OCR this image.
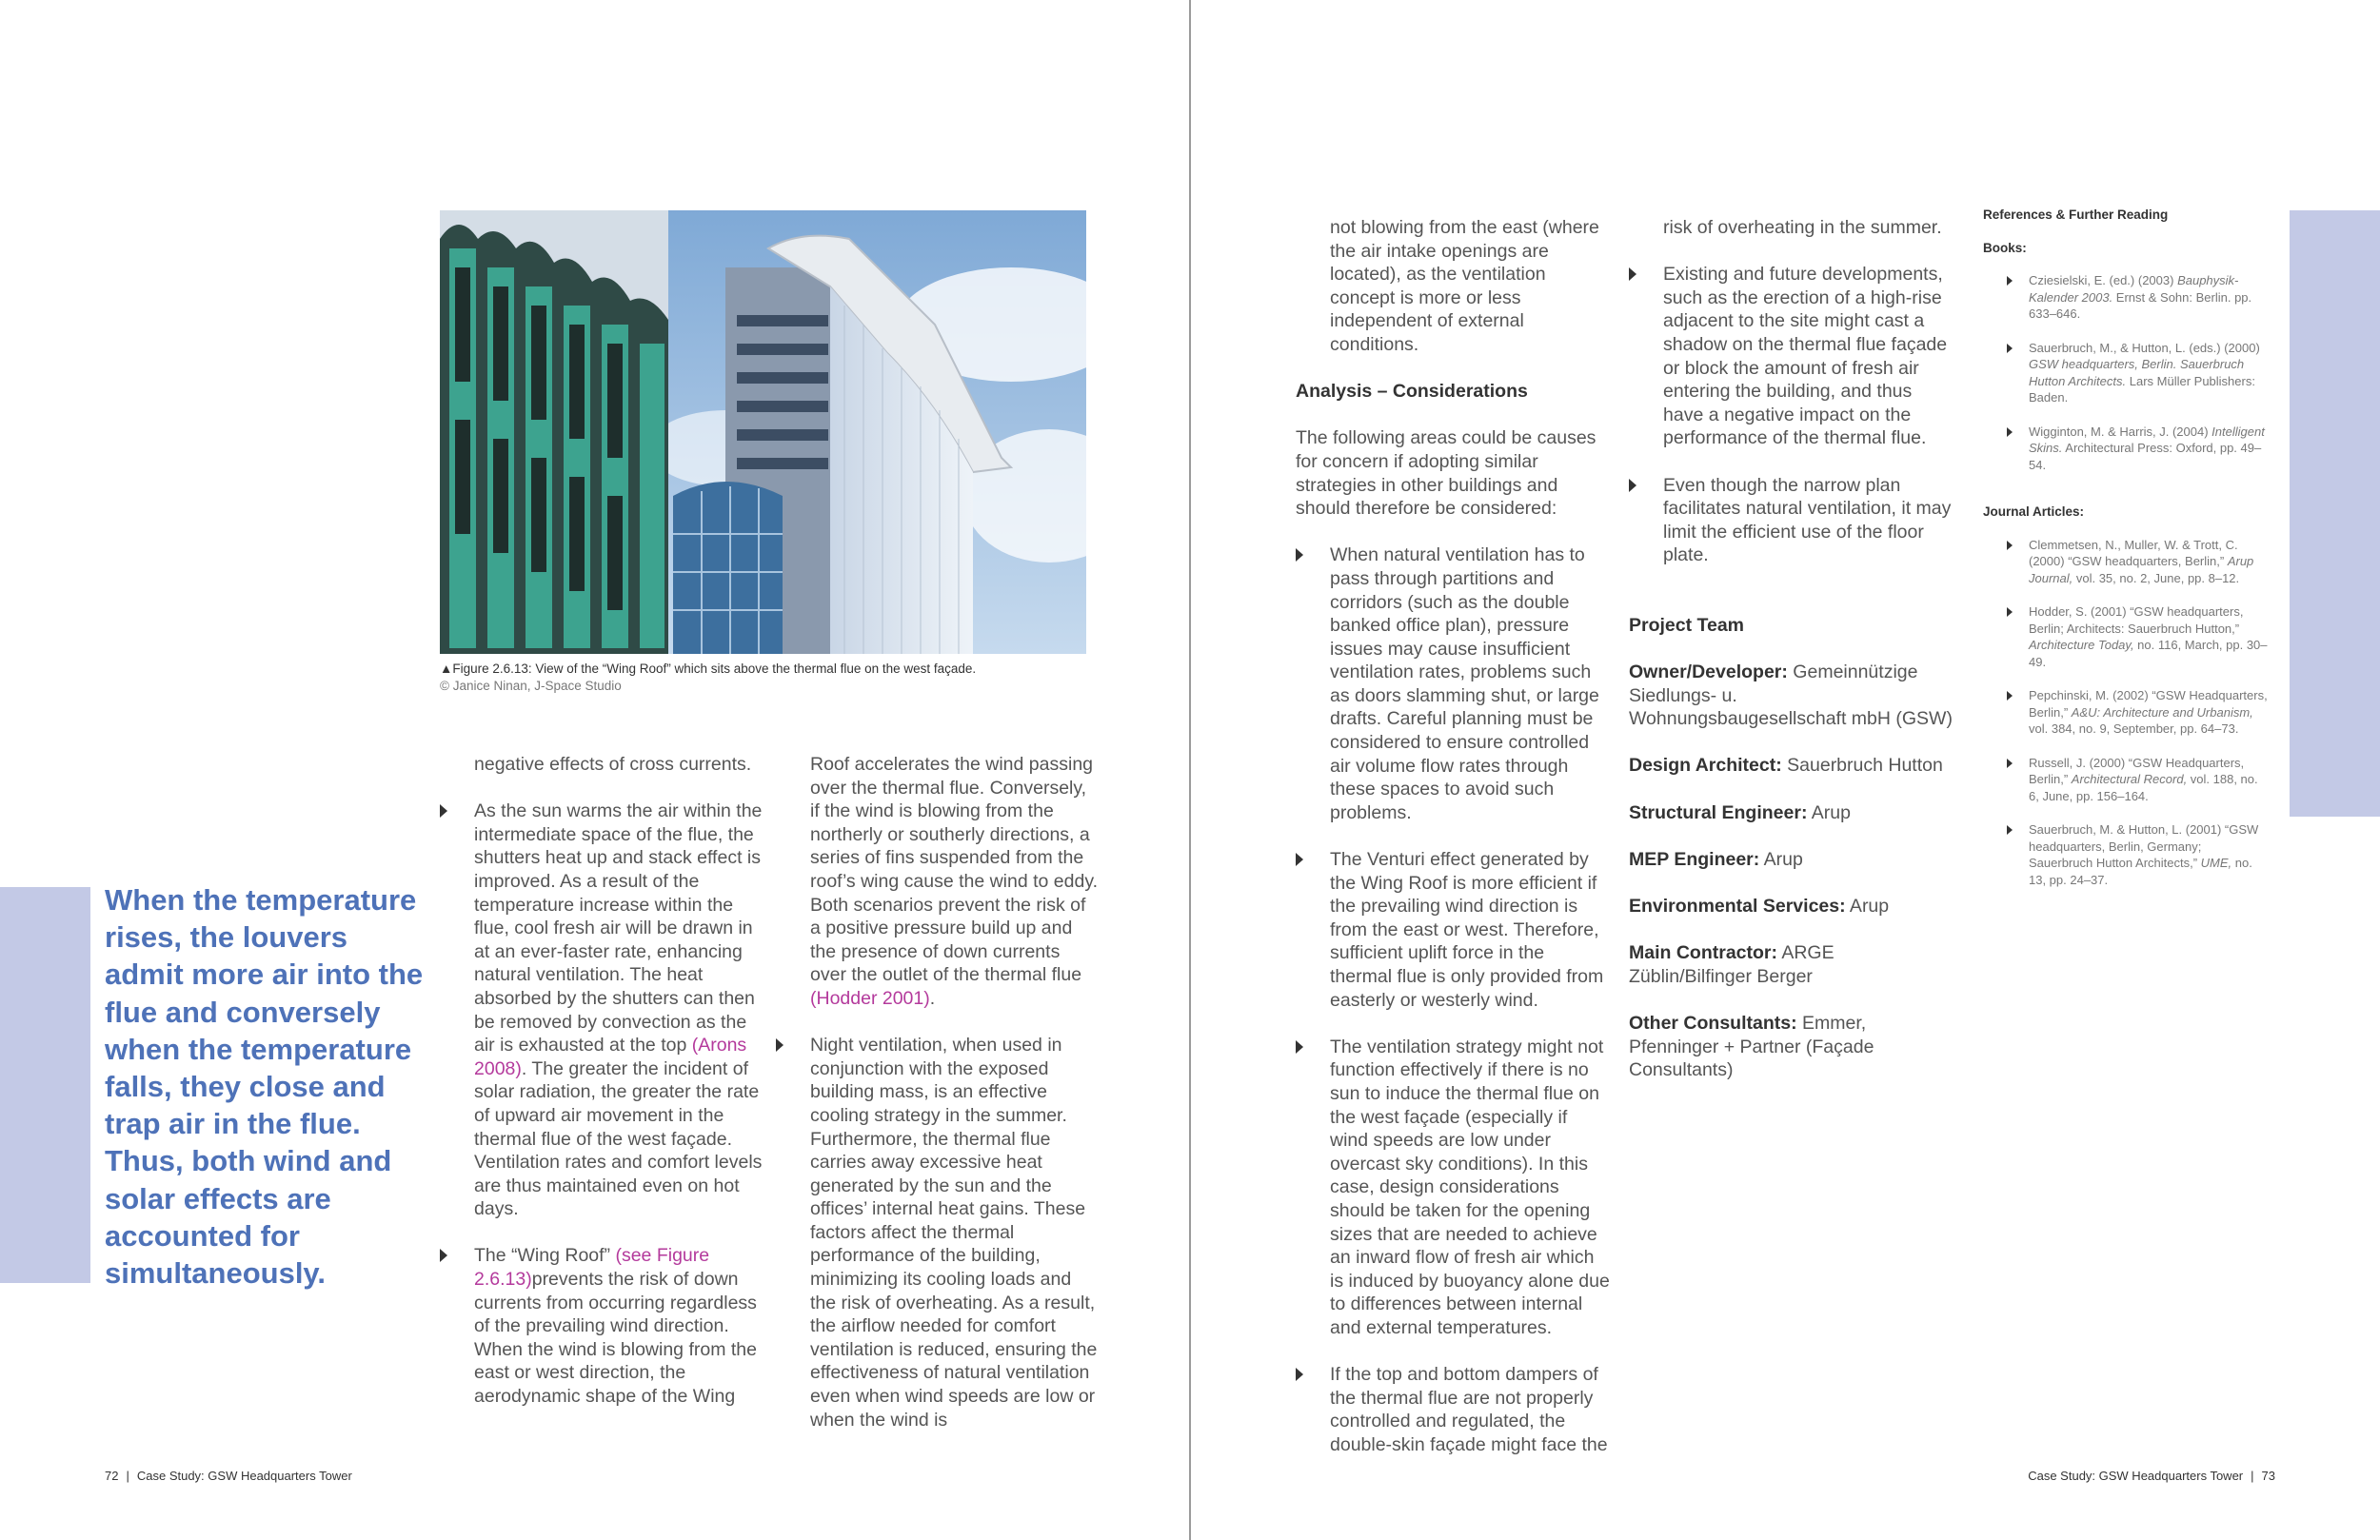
When the temperature rises, the louvers admit more air into the flue and conversely when the temperature falls, they close and trap air in the flue. Thus, both wind and solar effects are accounted for simultaneously.
▲Figure 2.6.13: View of the “Wing Roof” which sits above the thermal flue on the west façade.
© Janice Ninan, J-Space Studio

negative effects of cross currents.

As the sun warms the air within the intermediate space of the flue, the shutters heat up and stack effect is improved. As a result of the temperature increase within the flue, cool fresh air will be drawn in at an ever-faster rate, enhancing natural ventilation. The heat absorbed by the shutters can then be removed by convection as the air is exhausted at the top (Arons 2008). The greater the incident of solar radiation, the greater the rate of upward air movement in the thermal flue of the west façade. Ventilation rates and comfort levels are thus maintained even on hot days.
The “Wing Roof” (see Figure 2.6.13)prevents the risk of down currents from occurring regardless of the prevailing wind direction. When the wind is blowing from the east or west direction, the aerodynamic shape of the Wing

Roof accelerates the wind passing over the thermal flue. Conversely, if the wind is blowing from the northerly or southerly directions, a series of fins suspended from the roof’s wing cause the wind to eddy. Both scenarios prevent the risk of a positive pressure build up and the presence of down currents over the outlet of the thermal flue (Hodder 2001).

Night ventilation, when used in conjunction with the exposed building mass, is an effective cooling strategy in the summer. Furthermore, the thermal flue carries away excessive heat generated by the sun and the offices’ internal heat gains. These factors affect the thermal performance of the building, minimizing its cooling loads and the risk of overheating. As a result, the airflow needed for comfort ventilation is reduced, ensuring the effectiveness of natural ventilation even when wind speeds are low or when the wind is

not blowing from the east (where the air intake openings are located), as the ventilation concept is more or less independent of external conditions.

Analysis – Considerations

The following areas could be causes for concern if adopting similar strategies in other buildings and should therefore be considered:

When natural ventilation has to pass through partitions and corridors (such as the double banked office plan), pressure issues may cause insufficient ventilation rates, problems such as doors slamming shut, or large drafts. Careful planning must be considered to ensure controlled air volume flow rates through these spaces to avoid such problems.
The Venturi effect generated by the Wing Roof is more efficient if the prevailing wind direction is from the east or west. Therefore, sufficient uplift force in the thermal flue is only provided from easterly or westerly wind.
The ventilation strategy might not function effectively if there is no sun to induce the thermal flue on the west façade (especially if wind speeds are low under overcast sky conditions). In this case, design considerations should be taken for the opening sizes that are needed to achieve an inward flow of fresh air which is induced by buoyancy alone due to differences between internal and external temperatures.
If the top and bottom dampers of the thermal flue are not properly controlled and regulated, the double-skin façade might face the

risk of overheating in the summer.

Existing and future developments, such as the erection of a high-rise adjacent to the site might cast a shadow on the thermal flue façade or block the amount of fresh air entering the building, and thus have a negative impact on the performance of the thermal flue.
Even though the narrow plan facilitates natural ventilation, it may limit the efficient use of the floor plate.
Project Team

Owner/Developer: Gemeinnützige Siedlungs- u. Wohnungsbaugesellschaft mbH (GSW)

Design Architect: Sauerbruch Hutton

Structural Engineer: Arup

MEP Engineer: Arup

Environmental Services: Arup

Main Contractor: ARGE Züblin/Bilfinger Berger

Other Consultants: Emmer, Pfenninger + Partner (Façade Consultants)

References & Further Reading
Books:
Cziesielski, E. (ed.) (2003) Bauphysik-Kalender 2003. Ernst & Sohn: Berlin. pp. 633–646.
Sauerbruch, M., & Hutton, L. (eds.) (2000) GSW headquarters, Berlin. Sauerbruch Hutton Architects. Lars Müller Publishers: Baden.
Wigginton, M. & Harris, J. (2004) Intelligent Skins. Architectural Press: Oxford, pp. 49–54.
Journal Articles:
Clemmetsen, N., Muller, W. & Trott, C. (2000) “GSW headquarters, Berlin,” Arup Journal, vol. 35, no. 2, June, pp. 8–12.
Hodder, S. (2001) “GSW headquarters, Berlin; Architects: Sauerbruch Hutton,” Architecture Today, no. 116, March, pp. 30–49.
Pepchinski, M. (2002) “GSW Headquarters, Berlin,” A&U: Architecture and Urbanism, vol. 384, no. 9, September, pp. 64–73.
Russell, J. (2000) “GSW Headquarters, Berlin,” Architectural Record, vol. 188, no. 6, June, pp. 156–164.
Sauerbruch, M. & Hutton, L. (2001) “GSW headquarters, Berlin, Germany; Sauerbruch Hutton Architects,” UME, no. 13, pp. 24–37.
72 | Case Study: GSW Headquarters Tower	Case Study: GSW Headquarters Tower | 73
